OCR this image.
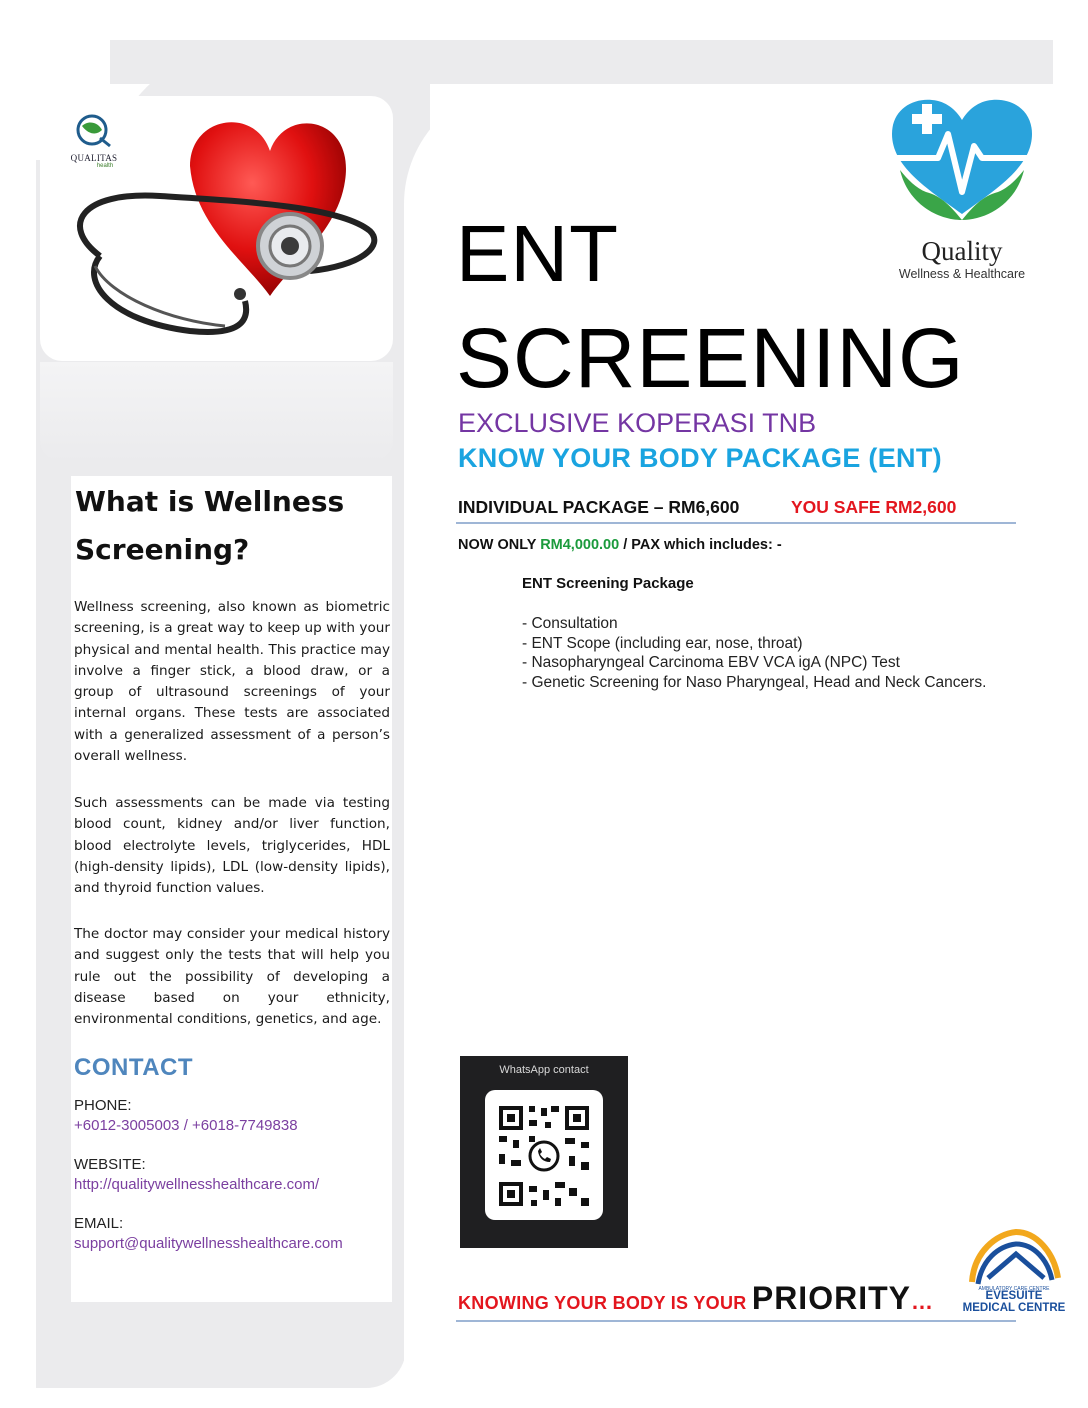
QUALITAS
health
What is Wellness Screening?
Wellness screening, also known as biometric screening, is a great way to keep up with your physical and mental health. This practice may involve a finger stick, a blood draw, or a group of ultrasound screenings of your internal organs. These tests are associated with a generalized assessment of a person’s overall wellness.
Such assessments can be made via testing blood count, kidney and/or liver function, blood electrolyte levels, triglycerides, HDL (high-density lipids), LDL (low-density lipids), and thyroid function values.
The doctor may consider your medical history and suggest only the tests that will help you rule out the possibility of developing a disease based on your ethnicity, environmental conditions, genetics, and age.
CONTACT
PHONE:
+6012-3005003 / +6018-7749838
WEBSITE:
http://qualitywellnesshealthcare.com/
EMAIL:
support@qualitywellnesshealthcare.com
Quality
Wellness & Healthcare
ENT
SCREENING
EXCLUSIVE KOPERASI TNB
KNOW YOUR BODY PACKAGE (ENT)
INDIVIDUAL PACKAGE – RM6,600	YOU SAFE RM2,600
NOW ONLY RM4,000.00 / PAX which includes: -
ENT Screening Package
- Consultation
- ENT Scope (including ear, nose, throat)
- Nasopharyngeal Carcinoma EBV VCA igA (NPC) Test
- Genetic Screening for Naso Pharyngeal, Head and Neck Cancers.
WhatsApp contact
KNOWING YOUR BODY IS YOUR PRIORITY…	AMBULATORY CARE CENTRE
EVESUITE
MEDICAL CENTRE
